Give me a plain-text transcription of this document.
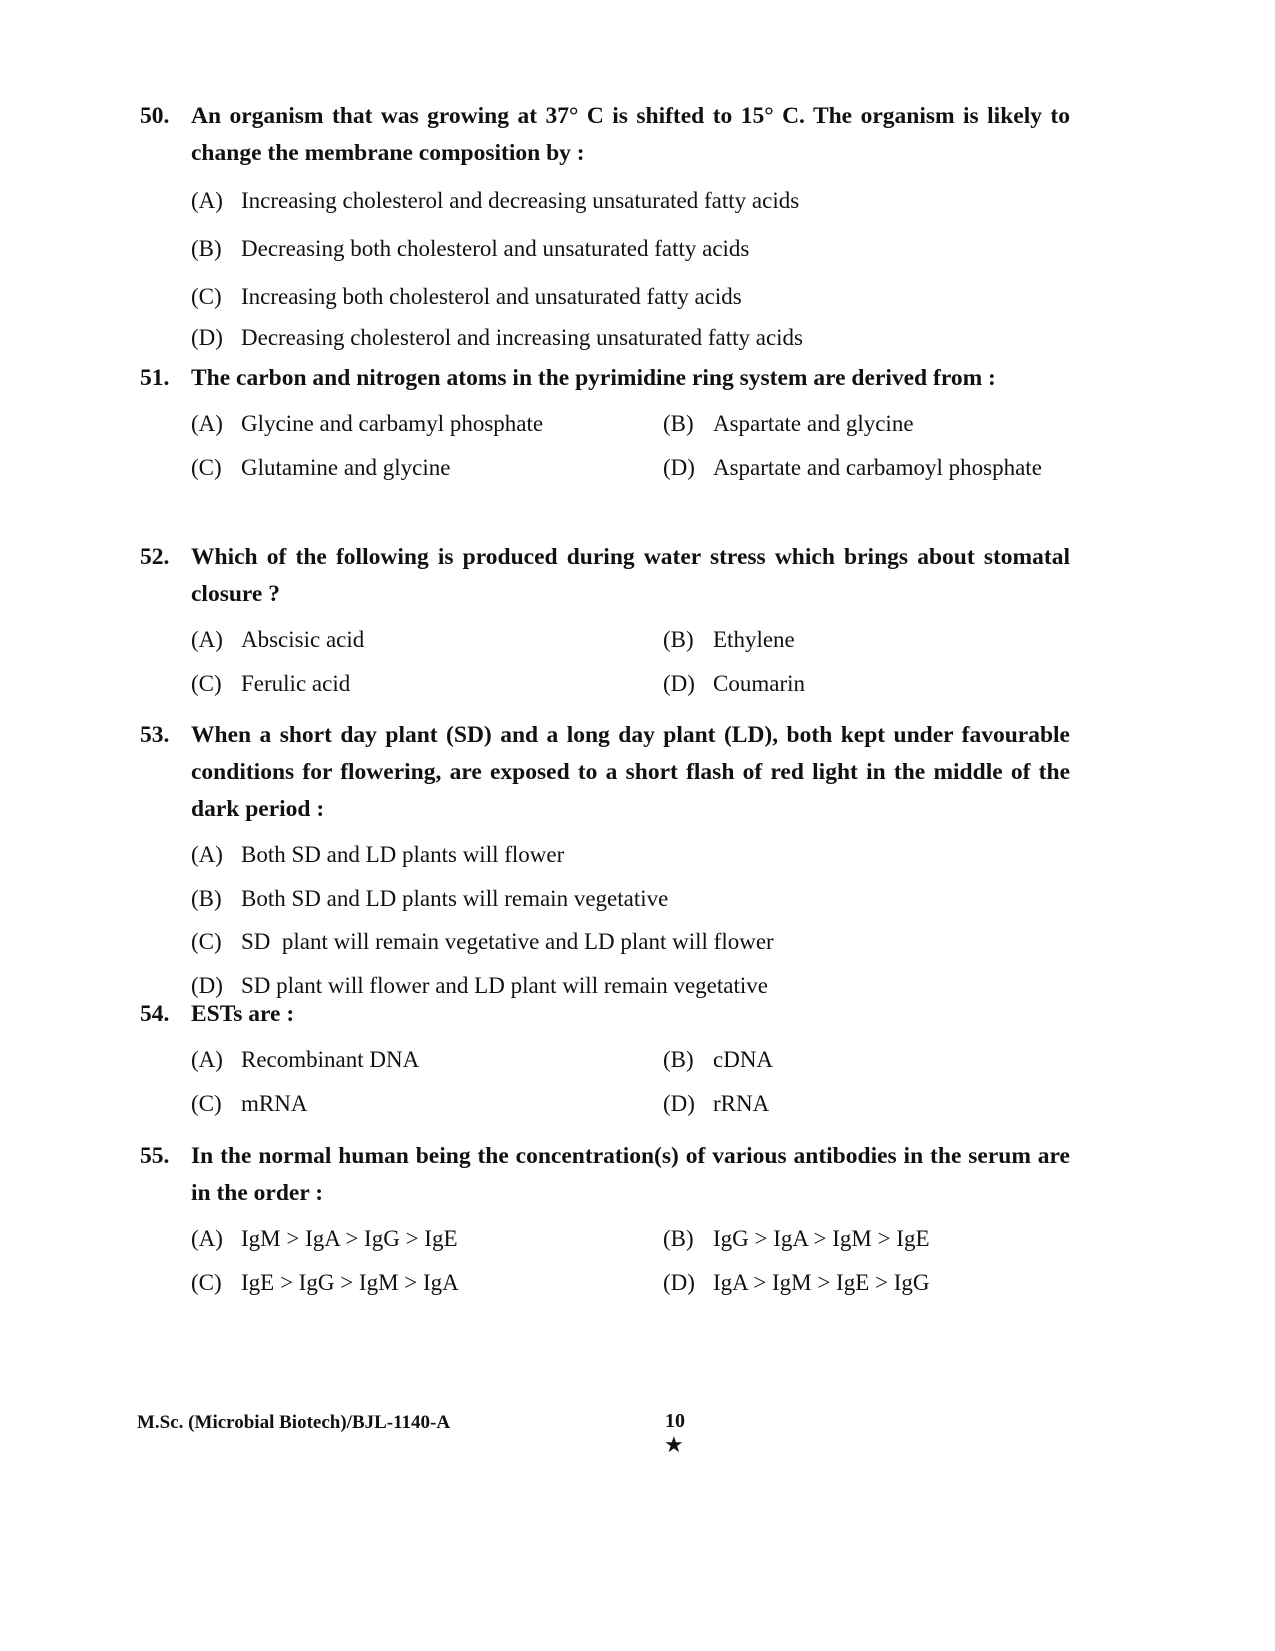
50. An organism that was growing at 37° C is shifted to 15° C. The organism is likely to change the membrane composition by :
(A) Increasing cholesterol and decreasing unsaturated fatty acids
(B) Decreasing both cholesterol and unsaturated fatty acids
(C) Increasing both cholesterol and unsaturated fatty acids
(D) Decreasing cholesterol and increasing unsaturated fatty acids
51. The carbon and nitrogen atoms in the pyrimidine ring system are derived from :
(A) Glycine and carbamyl phosphate	(B) Aspartate and glycine
(C) Glutamine and glycine	(D) Aspartate and carbamoyl phosphate
52. Which of the following is produced during water stress which brings about stomatal closure ?
(A) Abscisic acid	(B) Ethylene
(C) Ferulic acid	(D) Coumarin
53. When a short day plant (SD) and a long day plant (LD), both kept under favourable conditions for flowering, are exposed to a short flash of red light in the middle of the dark period :
(A) Both SD and LD plants will flower
(B) Both SD and LD plants will remain vegetative
(C) SD  plant will remain vegetative and LD plant will flower
(D) SD plant will flower and LD plant will remain vegetative
54. ESTs are :
(A) Recombinant DNA	(B) cDNA
(C) mRNA	(D) rRNA
55. In the normal human being the concentration(s) of various antibodies in the serum are in the order :
(A) IgM > IgA > IgG > IgE	(B) IgG > IgA > IgM > IgE
(C) IgE > IgG > IgM > IgA	(D) IgA > IgM > IgE > IgG
M.Sc. (Microbial Biotech)/BJL-1140-A	10
★
